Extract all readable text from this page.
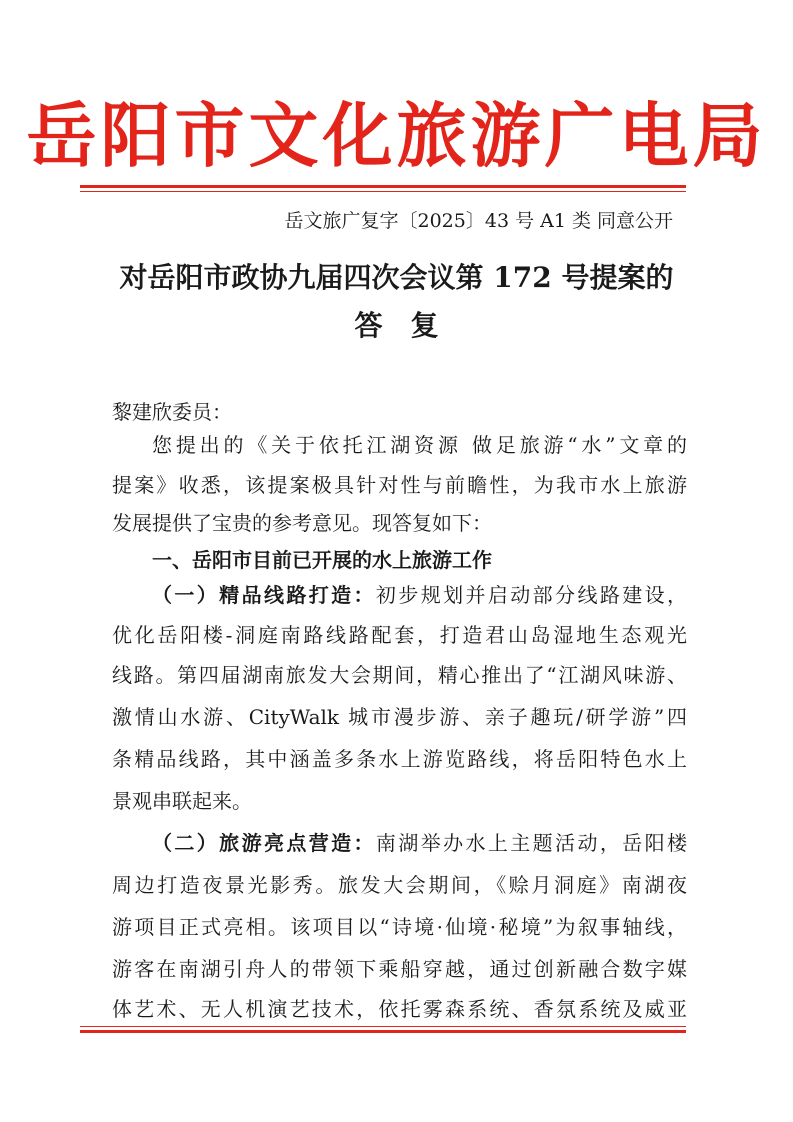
岳阳市文化旅游广电局
岳文旅广复字〔2025〕43 号 A1 类 同意公开
对岳阳市政协九届四次会议第 172 号提案的
答复
黎建欣委员：
您提出的《关于依托江湖资源 做足旅游“水”文章的
提案》收悉，该提案极具针对性与前瞻性，为我市水上旅游
发展提供了宝贵的参考意见。现答复如下：
一、岳阳市目前已开展的水上旅游工作
（一）精品线路打造：初步规划并启动部分线路建设，
优化岳阳楼-洞庭南路线路配套，打造君山岛湿地生态观光
线路。第四届湖南旅发大会期间，精心推出了“江湖风味游、
激情山水游、CityWalk 城市漫步游、亲子趣玩/研学游”四
条精品线路，其中涵盖多条水上游览路线，将岳阳特色水上
景观串联起来。
（二）旅游亮点营造：南湖举办水上主题活动，岳阳楼
周边打造夜景光影秀。旅发大会期间，《赊月洞庭》南湖夜
游项目正式亮相。该项目以“诗境·仙境·秘境”为叙事轴线，
游客在南湖引舟人的带领下乘船穿越，通过创新融合数字媒
体艺术、无人机演艺技术，依托雾森系统、香氛系统及威亚
